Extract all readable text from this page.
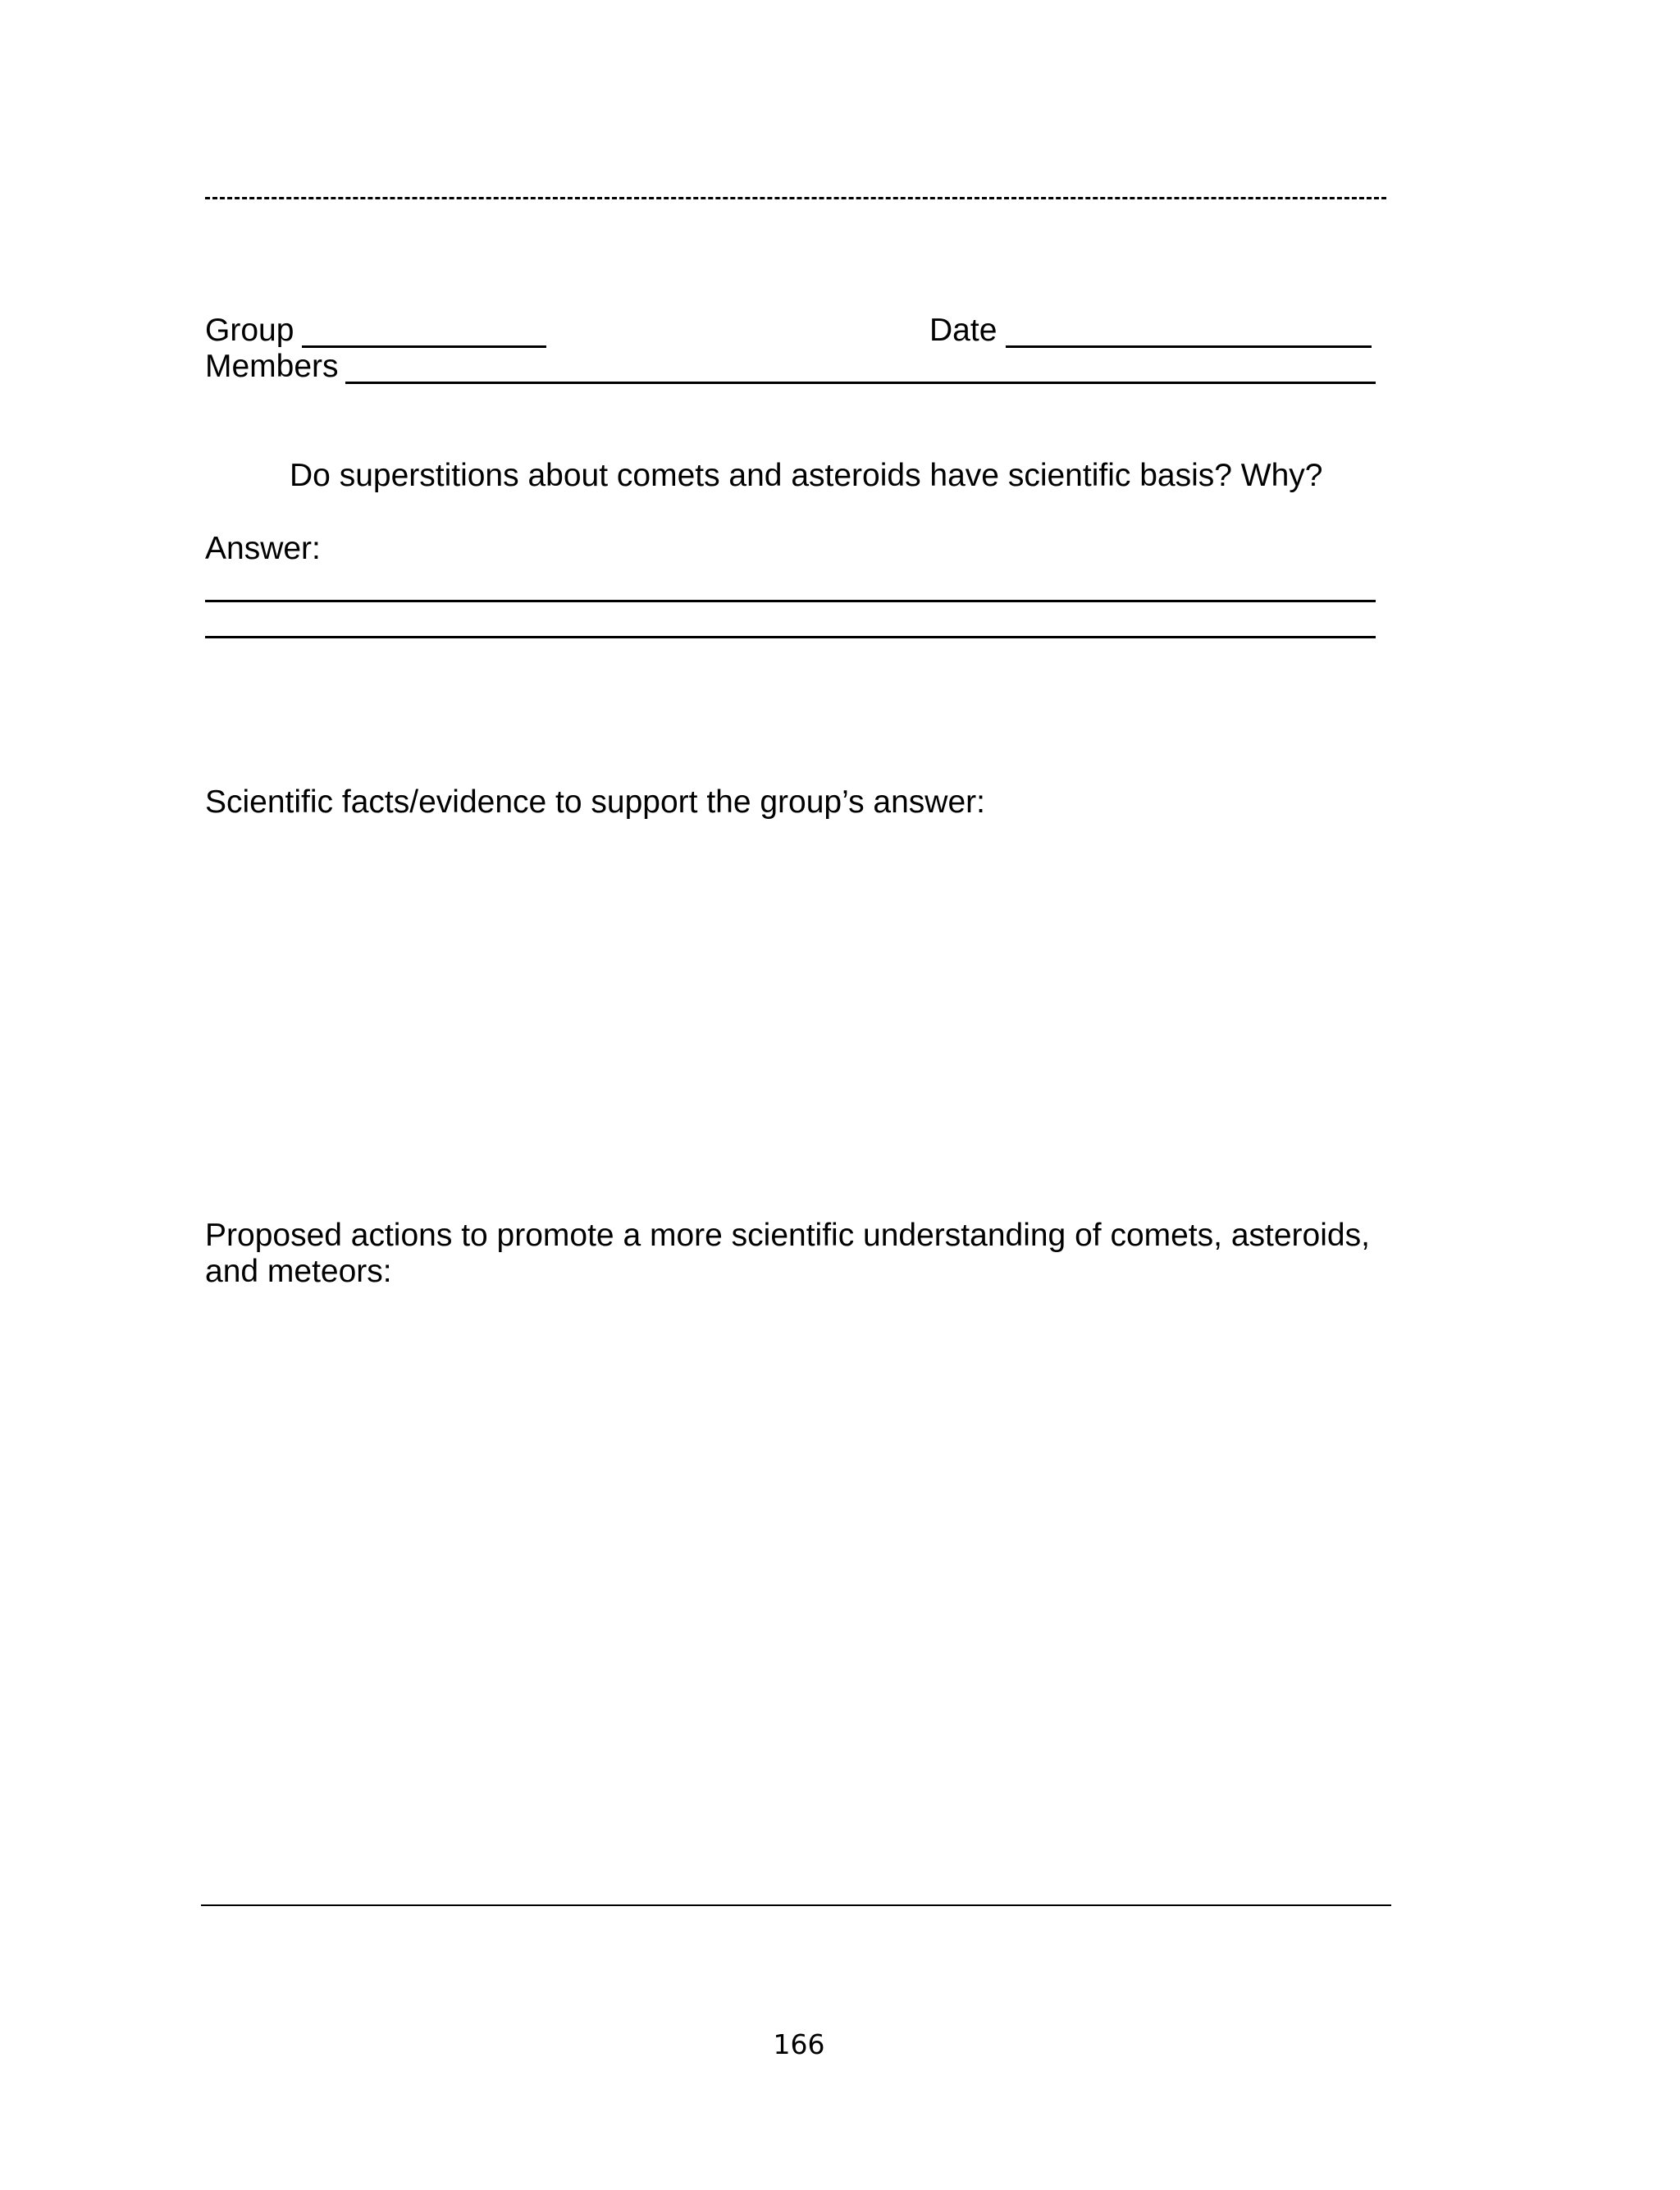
Group	Date

Members

Do superstitions about comets and asteroids have scientific basis? Why?

Answer:

Scientific facts/evidence to support the group’s answer:

Proposed actions to promote a more scientific understanding of comets, asteroids,

and meteors:

166
